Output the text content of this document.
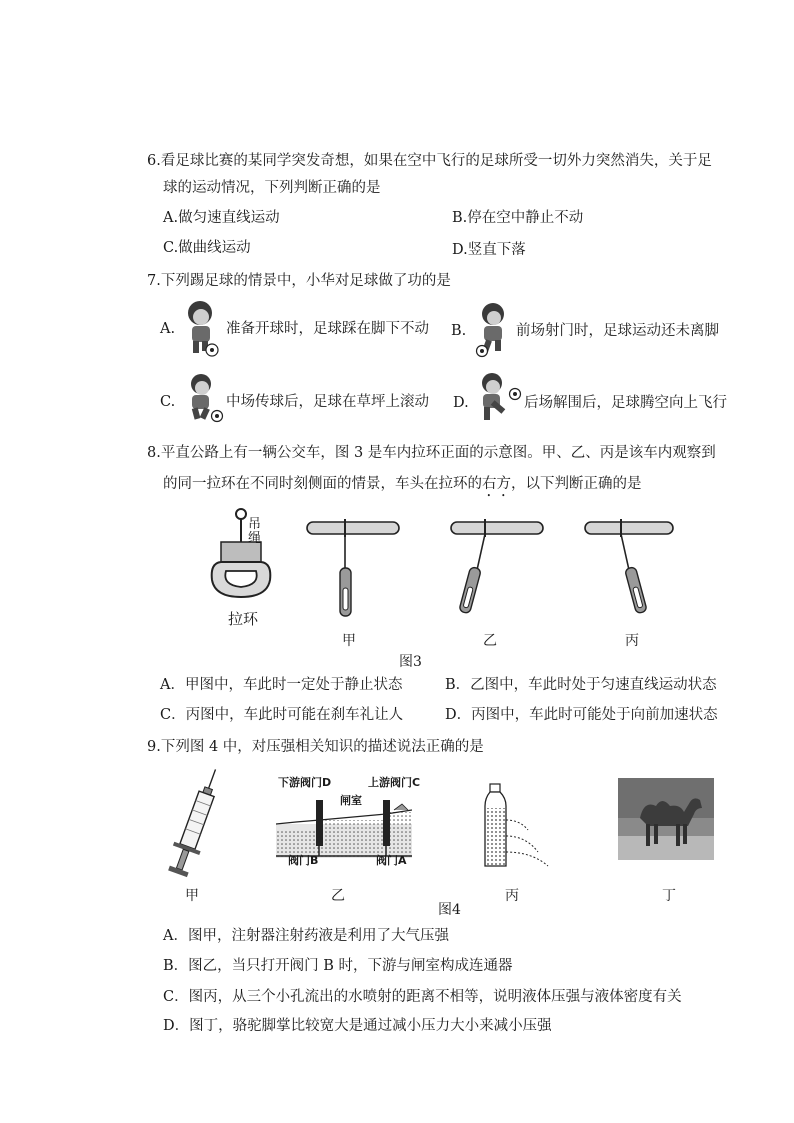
6.看足球比赛的某同学突发奇想，如果在空中飞行的足球所受一切外力突然消失，关于足
球的运动情况，下列判断正确的是
A.做匀速直线运动	B.停在空中静止不动
C.做曲线运动	D.竖直下落
7.下列踢足球的情景中，小华对足球做了功的是
A.	准备开球时，足球踩在脚下不动 B.	前场射门时，足球运动还未离脚
C.	中场传球后，足球在草坪上滚动 D.	后场解围后，足球腾空向上飞行
8.平直公路上有一辆公交车，图 3 是车内拉环正面的示意图。甲、乙、丙是该车内观察到
的同一拉环在不同时刻侧面的情景，车头在拉环的右方，以下判断正确的是
吊绳
拉环
甲	乙	丙
图3
A．甲图中，车此时一定处于静止状态	B．乙图中，车此时处于匀速直线运动状态
C．丙图中，车此时可能在刹车礼让人	D．丙图中，车此时可能处于向前加速状态
9.下列图 4 中，对压强相关知识的描述说法正确的是
甲
下游阀门D	上游阀门C
闸室
阀门B	阀门A
乙	丙	丁
图4
A．图甲，注射器注射药液是利用了大气压强
B．图乙，当只打开阀门 B 时，下游与闸室构成连通器
C．图丙，从三个小孔流出的水喷射的距离不相等，说明液体压强与液体密度有关
D．图丁，骆驼脚掌比较宽大是通过减小压力大小来减小压强
